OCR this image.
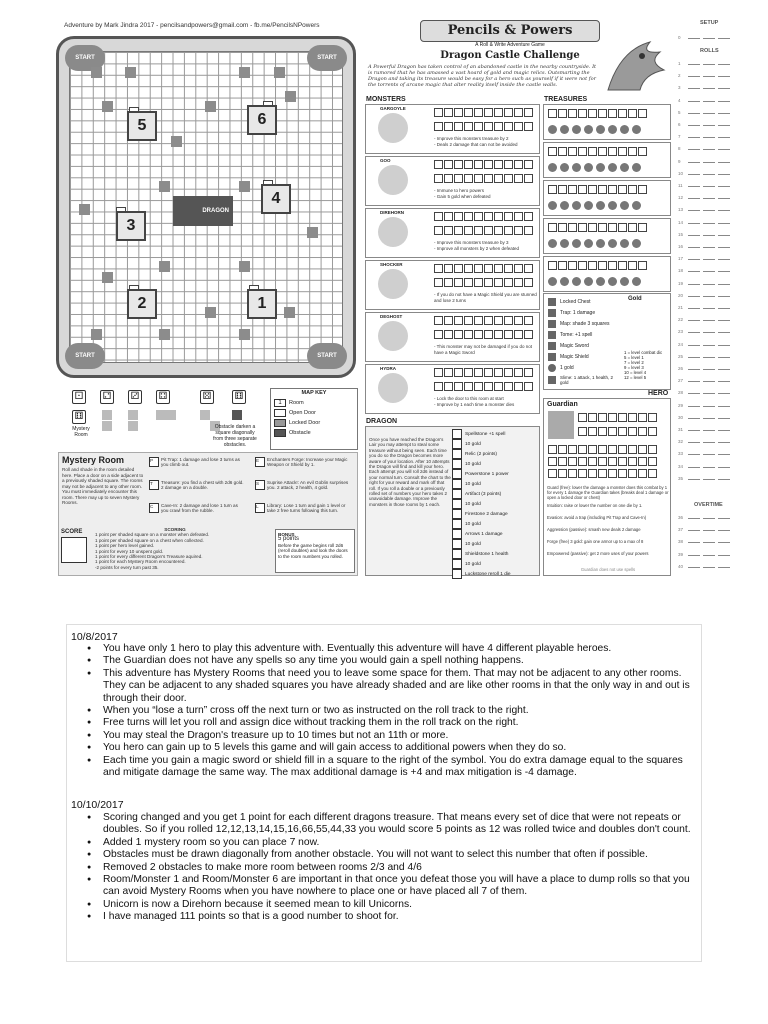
Adventure by Mark Jindra 2017 - pencilsandpowers@gmail.com - fb.me/PencilsNPowers
START	START
START	START
5	6
3
4
2	1
DRAGON
⚀ ⚁ ⚂ ⚃	⚄ ⚅
⚅
Mystery Room
Obstacle darken a square diagonally from three separate obstacles.
MAP KEY
1	Room
Open Door
Locked Door
Obstacle
Mystery Room
Roll and shade in the room detailed here. Place a door on a side adjacent to a previously shaded square. The rooms may not be adjacent to any other room. You must immediately encounter this room. There may up to seven Mystery Rooms.
P	Pit Trap: 1 damage and lose 3 turns as you climb out.
T	Treasure: you find a chest with 2d6 gold. 2 damage on a double.
C	Cave-In: 2 damage and lose 1 turn as you crawl from the rubble.
E	Enchanters Forge: Increase your Magic Weapon or Shield by 1.
S	Suprise Attack!: An evil Goblin surprises you. 2 attack, 2 health, 4 gold.
L	Library: Lose 1 turn and gain 1 level or take 2 free turns following this turn.
SCORE	SCORING
1 point per shaded square on a monster when defeated.
1 point per shaded square on a chest when collected.
1 point per hero level gained.
1 point for every 10 unspent gold.
1 point for every different Dragon's Treasure aquired.
1 point for each Mystery Room encountered.
-2 points for every turn past 35.
BONUS
5 points
Before the game begins roll 2d6 (reroll doubles) and look the doors to the room numbers you rolled.
Pencils & Powers
A Roll & Write Adventure Game
Dragon Castle Challenge
A Powerful Dragon has taken control of an abandoned castle in the nearby countryside. It is rumored that he has amassed a vast hoard of gold and magic relics. Outsmarting the Dragon and taking its treasure would be easy for a hero such as yourself if it were not for the torrents of arcane magic that alter reality itself inside the castle walls.
MONSTERS
GARGOYLE
- Improve this monsters treasure by 2
- Deals 2 damage that can not be avoided
GOO
- Immune to hero powers
- Gain 5 gold when defeated
DIREHORN
- Improve this monsters treasure by 3
- Improve all monsters by 2 when defeated
SHOCKER
- If you do not have a Magic Shield you are stunned and lose 2 turns
DEGHOST
- This monster may not be damaged if you do not have a Magic Sword
HYDRA
- Lock the door to this room at start
- Improve by 1 each time a monster dies
TREASURES
Locked Chest
Trap: 1 damage
Map: shade 3 squares
Tome: +1 spell
Magic Sword
Magic Shield
1 gold
Slime: 1 attack, 1 health, 2 gold
Gold
1 = level combat dic
5 = level 1
7 = level 2
9 = level 3
10 = level 4
12 = level 5
DRAGON
Once you have reached the Dragon's Lair you may attempt to steal some treasure without being seen. Each time you do so the Dragon becomes more aware of your location. After 10 attempts the Dragon will find and kill your hero. Each attempt you will roll 2d6 instead of your normal turn. Consult the chart to the right for your reward and mark off that roll. If you roll a double or a previously rolled set of numbers your hero takes 2 unavoidable damage. Improve the monsters in those rooms by 1 each.
Spellstone +1 spell
10 gold
Relic (2 points)
10 gold
Powerstone 1 power
10 gold
Artifact (3 points)
10 gold
Firestone 2 damage
10 gold
Arrows 1 damage
10 gold
Shieldstone 1 health
10 gold
Luckstone reroll 1 die
HERO
Guardian
Guard (free): lower the damage a monster does this combat by 1 for every 1 damage the Guardian takes (breaks deal 1 damage or open a locked door or chest)
Intuition: raise or lower the number on one die by 1.
Evasion: avoid a trap (including Pit Trap and Cave-In)
Aggression (passive): smash new deals 2 damage
Forge (free) 3 gold: gain one armor up to a max of 8
Empowered (passive): get 2 more uses of your powers
Guardian does not use spells
SETUP
ROLLS
OVERTIME
0
1
2
3
4
5
6
7
8
9
10
11
12
13
14
15
16
17
18
19
20
21
22
23
24
25
26
27
28
29
30
31
32
33
34
35
36
37
38
39
40
10/8/2017
● You have only 1 hero to play this adventure with. Eventually this adventure will have 4 different playable heroes.
● The Guardian does not have any spells so any time you would gain a spell nothing happens.
● This adventure has Mystery Rooms that need you to leave some space for them. That may not be adjacent to any other rooms. They can be adjacent to any shaded squares you have already shaded and are like other rooms in that the only way in and out is through their door.
● When you “lose a turn” cross off the next turn or two as instructed on the roll track to the right.
● Free turns will let you roll and assign dice without tracking them in the roll track on the right.
● You may steal the Dragon's treasure up to 10 times but not an 11th or more.
● You hero can gain up to 5 levels this game and will gain access to additional powers when they do so.
● Each time you gain a magic sword or shield fill in a square to the right of the symbol. You do extra damage equal to the squares and mitigate damage the same way. The max additional damage is +4 and max mitigation is -4 damage.
10/10/2017
● Scoring changed and you get 1 point for each different dragons treasure. That means every set of dice that were not repeats or doubles. So if you rolled 12,12,13,14,15,16,66,55,44,33 you would score 5 points as 12 was rolled twice and doubles don't count.
● Added 1 mystery room so you can place 7 now.
● Obstacles must be drawn diagonally from another obstacle. You will not want to select this number that often if possible.
● Removed 2 obstacles to make more room between rooms 2/3 and 4/6
● Room/Monster 1 and Room/Monster 6 are important in that once you defeat those you will have a place to dump rolls so that you can avoid Mystery Rooms when you have nowhere to place one or have placed all 7 of them.
● Unicorn is now a Direhorn because it seemed mean to kill Unicorns.
● I have managed 111 points so that is a good number to shoot for.
